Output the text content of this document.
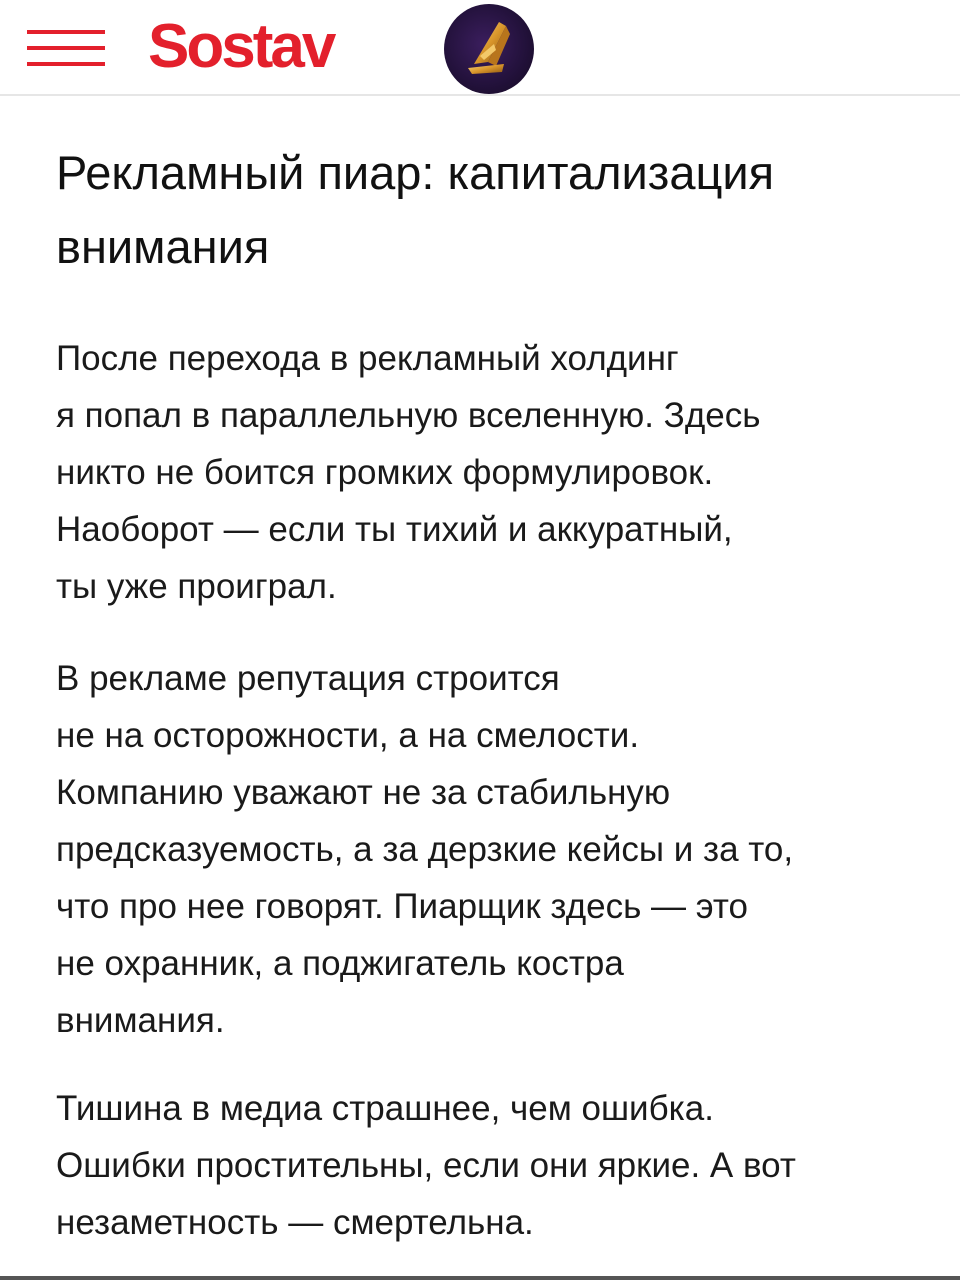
Sostav
Рекламный пиар: капитализация
внимания

После перехода в рекламный холдинг
я попал в параллельную вселенную. Здесь
никто не боится громких формулировок.
Наоборот — если ты тихий и аккуратный,
ты уже проиграл.

В рекламе репутация строится
не на осторожности, а на смелости.
Компанию уважают не за стабильную
предсказуемость, а за дерзкие кейсы и за то,
что про нее говорят. Пиарщик здесь — это
не охранник, а поджигатель костра
внимания.

Тишина в медиа страшнее, чем ошибка.
Ошибки простительны, если они яркие. А вот
незаметность — смертельна.
